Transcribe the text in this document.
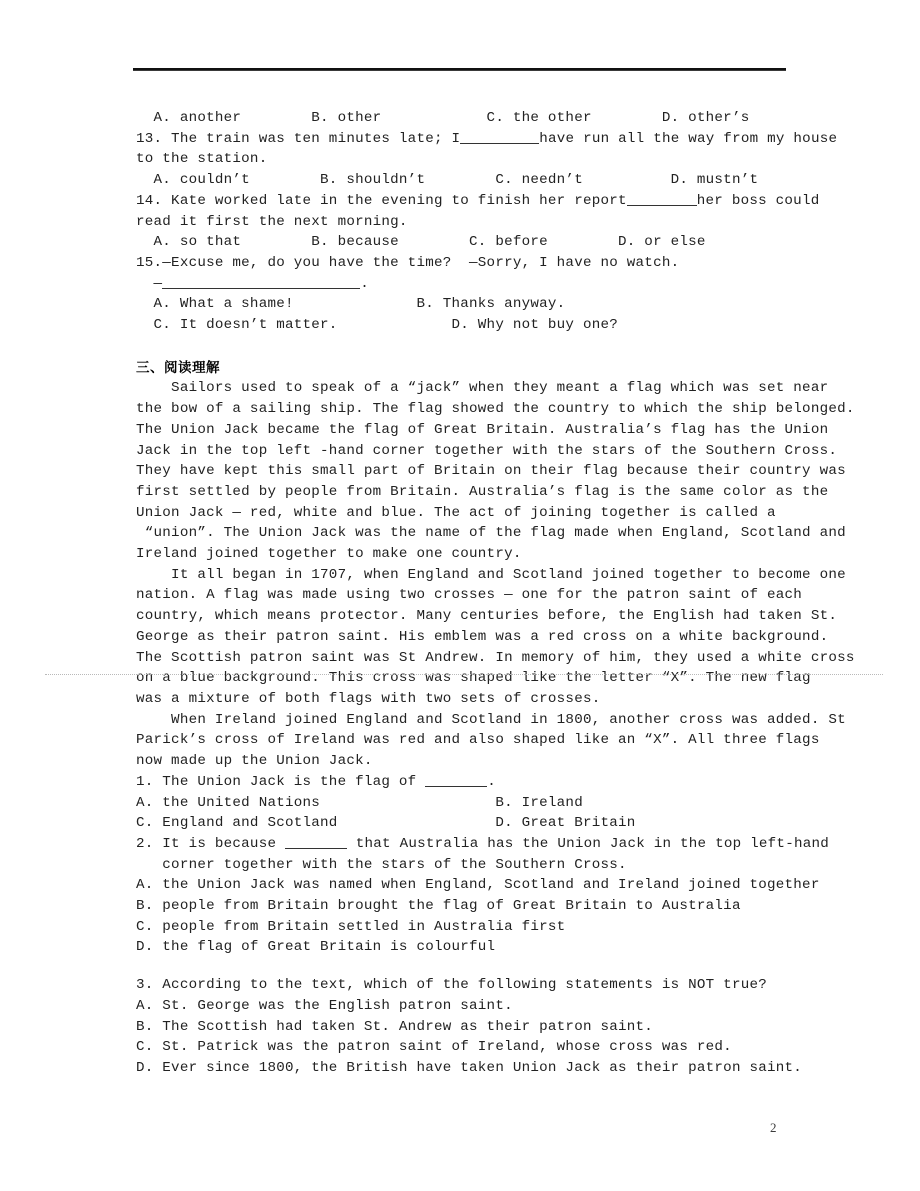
A. another        B. other            C. the other        D. other’s
13. The train was ten minutes late; I	have run all the way from my house
to the station.
A. couldn’t        B. shouldn’t        C. needn’t          D. mustn’t
14. Kate worked late in the evening to finish her report	her boss could
read it first the next morning.
A. so that        B. because        C. before        D. or else
15.—Excuse me, do you have the time?  —Sorry, I have no watch.
—	.
A. What a shame!              B. Thanks anyway.
C. It doesn’t matter.             D. Why not buy one?
三、阅读理解
Sailors used to speak of a “jack” when they meant a flag which was set near
the bow of a sailing ship. The flag showed the country to which the ship belonged.
The Union Jack became the flag of Great Britain. Australia’s flag has the Union
Jack in the top left -hand corner together with the stars of the Southern Cross.
They have kept this small part of Britain on their flag because their country was
first settled by people from Britain. Australia’s flag is the same color as the
Union Jack — red, white and blue. The act of joining together is called a
“union”. The Union Jack was the name of the flag made when England, Scotland and
Ireland joined together to make one country.
It all began in 1707, when England and Scotland joined together to become one
nation. A flag was made using two crosses — one for the patron saint of each
country, which means protector. Many centuries before, the English had taken St.
George as their patron saint. His emblem was a red cross on a white background.
The Scottish patron saint was St Andrew. In memory of him, they used a white cross
on a blue background. This cross was shaped like the letter “X”. The new flag
was a mixture of both flags with two sets of crosses.
When Ireland joined England and Scotland in 1800, another cross was added. St
Parick’s cross of Ireland was red and also shaped like an “X”. All three flags
now made up the Union Jack.
1. The Union Jack is the flag of	.
A. the United Nations                    B. Ireland
C. England and Scotland                  D. Great Britain
2. It is because	that Australia has the Union Jack in the top left-hand
corner together with the stars of the Southern Cross.
A. the Union Jack was named when England, Scotland and Ireland joined together
B. people from Britain brought the flag of Great Britain to Australia
C. people from Britain settled in Australia first
D. the flag of Great Britain is colourful
3. According to the text, which of the following statements is NOT true?
A. St. George was the English patron saint.
B. The Scottish had taken St. Andrew as their patron saint.
C. St. Patrick was the patron saint of Ireland, whose cross was red.
D. Ever since 1800, the British have taken Union Jack as their patron saint.
2
